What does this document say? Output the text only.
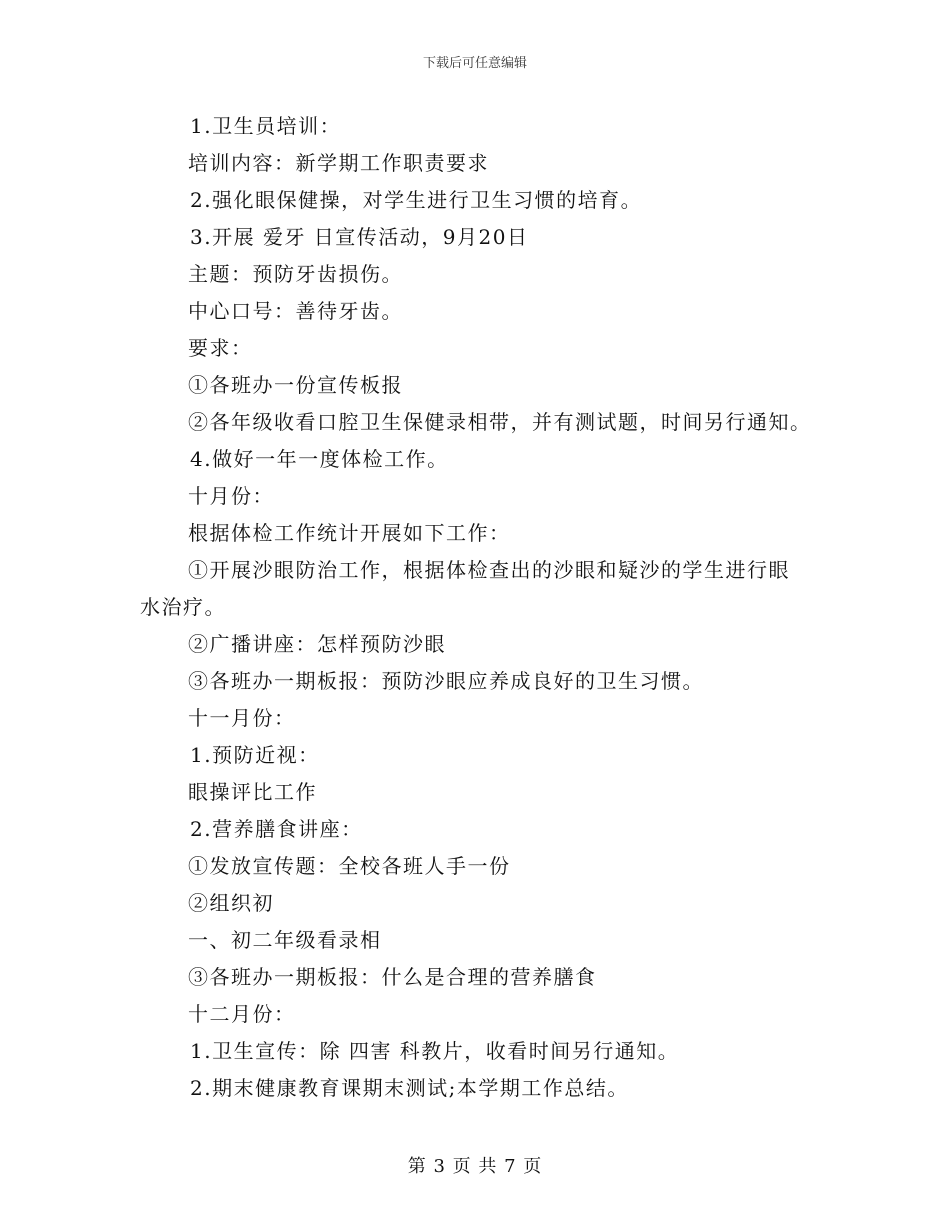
下载后可任意编辑
1.卫生员培训：
培训内容：新学期工作职责要求
2.强化眼保健操，对学生进行卫生习惯的培育。
3.开展 爱牙 日宣传活动，9月20日
主题：预防牙齿损伤。
中心口号：善待牙齿。
要求：
①各班办一份宣传板报
②各年级收看口腔卫生保健录相带，并有测试题，时间另行通知。
4.做好一年一度体检工作。
十月份：
根据体检工作统计开展如下工作：
①开展沙眼防治工作，根据体检查出的沙眼和疑沙的学生进行眼
水治疗。
②广播讲座：怎样预防沙眼
③各班办一期板报：预防沙眼应养成良好的卫生习惯。
十一月份：
1.预防近视：
眼操评比工作
2.营养膳食讲座：
①发放宣传题：全校各班人手一份
②组织初
一、初二年级看录相
③各班办一期板报：什么是合理的营养膳食
十二月份：
1.卫生宣传：除 四害 科教片，收看时间另行通知。
2.期末健康教育课期末测试;本学期工作总结。
第 3 页 共 7 页
